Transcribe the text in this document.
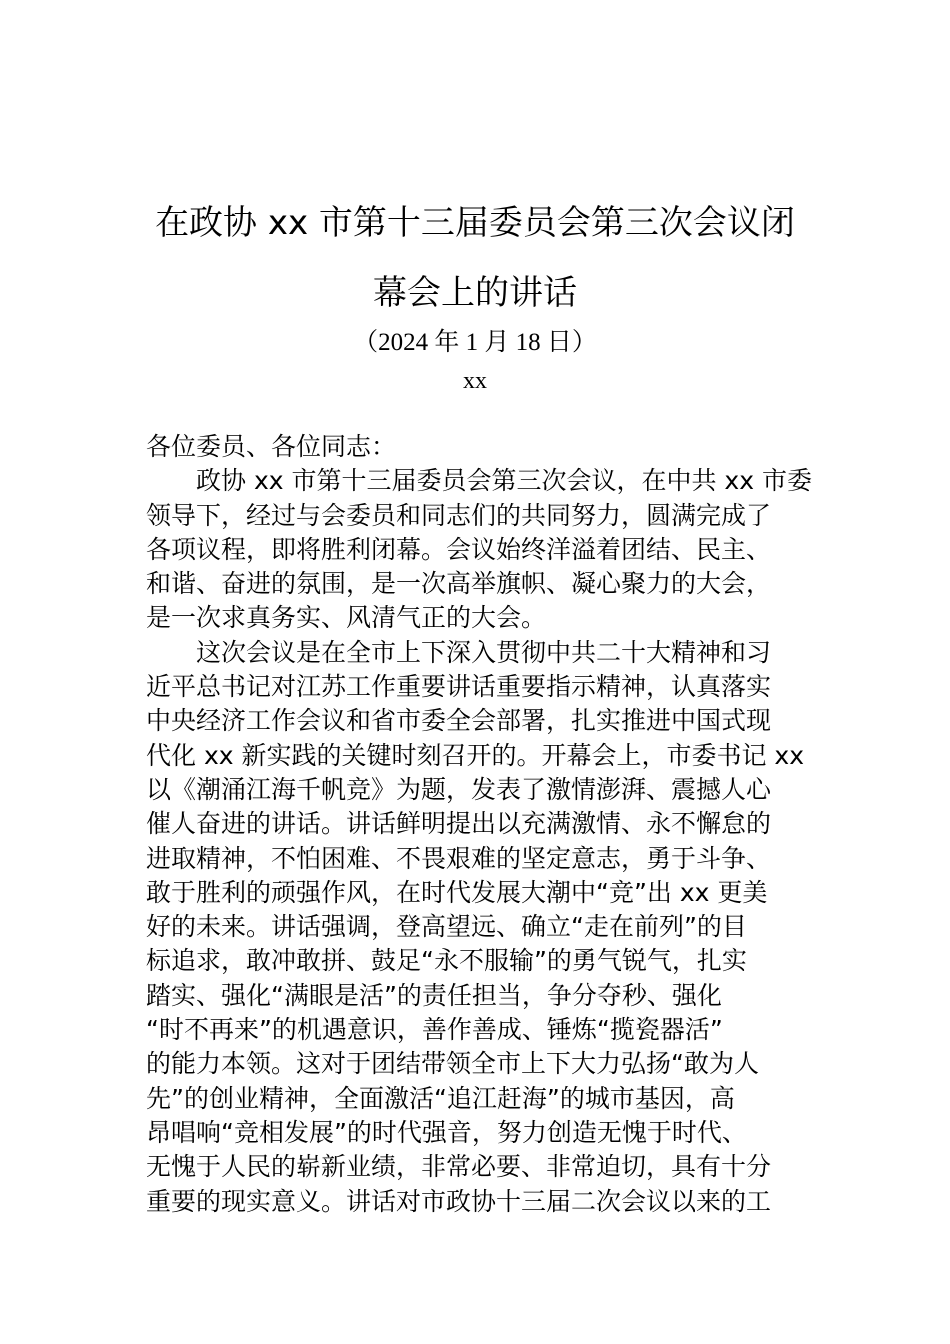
在政协 xx 市第十三届委员会第三次会议闭
幕会上的讲话
（2024 年 1 月 18 日）
xx
各位委员、各位同志：
政协 xx 市第十三届委员会第三次会议，在中共 xx 市委
领导下，经过与会委员和同志们的共同努力，圆满完成了
各项议程，即将胜利闭幕。会议始终洋溢着团结、民主、
和谐、奋进的氛围，是一次高举旗帜、凝心聚力的大会，
是一次求真务实、风清气正的大会。
这次会议是在全市上下深入贯彻中共二十大精神和习
近平总书记对江苏工作重要讲话重要指示精神，认真落实
中央经济工作会议和省市委全会部署，扎实推进中国式现
代化 xx 新实践的关键时刻召开的。开幕会上，市委书记 xx
以《潮涌江海千帆竞》为题，发表了激情澎湃、震撼人心
催人奋进的讲话。讲话鲜明提出以充满激情、永不懈怠的
进取精神，不怕困难、不畏艰难的坚定意志，勇于斗争、
敢于胜利的顽强作风，在时代发展大潮中“竞”出 xx 更美
好的未来。讲话强调，登高望远、确立“走在前列”的目
标追求，敢冲敢拼、鼓足“永不服输”的勇气锐气，扎实
踏实、强化“满眼是活”的责任担当，争分夺秒、强化
“时不再来”的机遇意识，善作善成、锤炼“揽瓷器活”
的能力本领。这对于团结带领全市上下大力弘扬“敢为人
先”的创业精神，全面激活“追江赶海”的城市基因，高
昂唱响“竞相发展”的时代强音，努力创造无愧于时代、
无愧于人民的崭新业绩，非常必要、非常迫切，具有十分
重要的现实意义。讲话对市政协十三届二次会议以来的工
